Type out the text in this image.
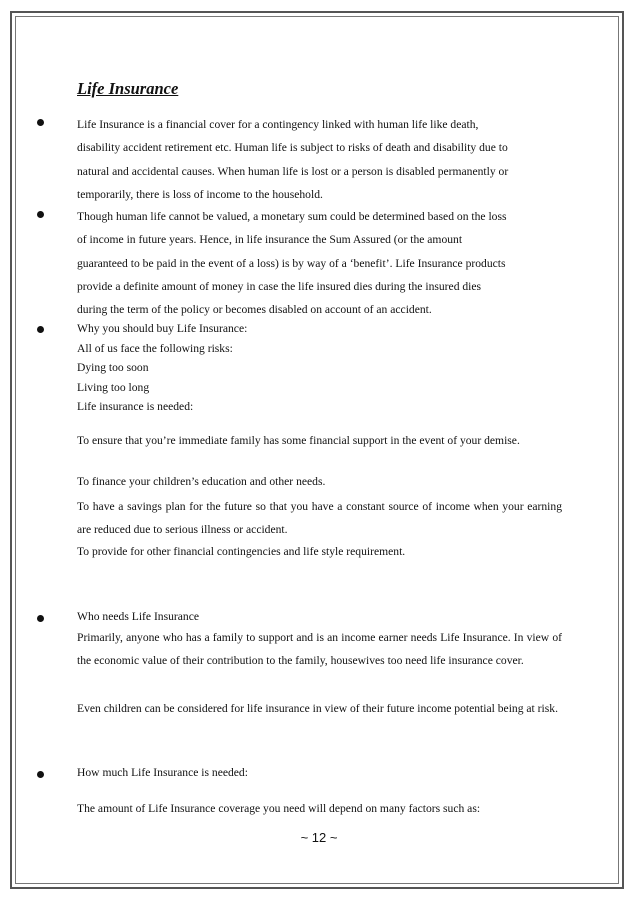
Life Insurance

Life Insurance is a financial cover for a contingency linked with human life like death,

disability accident retirement etc. Human life is subject to risks of death and disability due to

natural and accidental causes. When human life is lost or a person is disabled permanently or

temporarily, there is loss of income to the household.

Though human life cannot be valued, a monetary sum could be determined based on the loss

of income in future years. Hence, in life insurance the Sum Assured (or the amount

guaranteed to be paid in the event of a loss) is by way of a ‘benefit’. Life Insurance products

provide a definite amount of money in case the life insured dies during the insured dies

during the term of the policy or becomes disabled on account of an accident.

Why you should buy Life Insurance:
All of us face the following risks:
Dying too soon
Living too long
Life insurance is needed:
To ensure that you’re immediate family has some financial support in the event of your demise.
To finance your children’s education and other needs.
To have a savings plan for the future so that you have a constant source of income when your earning are reduced due to serious illness or accident.
To provide for other financial contingencies and life style requirement.
Who needs Life Insurance
Primarily, anyone who has a family to support and is an income earner needs Life Insurance. In view of the economic value of their contribution to the family, housewives too need life insurance cover.
Even children can be considered for life insurance in view of their future income potential being at risk.
How much Life Insurance is needed:
The amount of Life Insurance coverage you need will depend on many factors such as:
~ 12 ~
